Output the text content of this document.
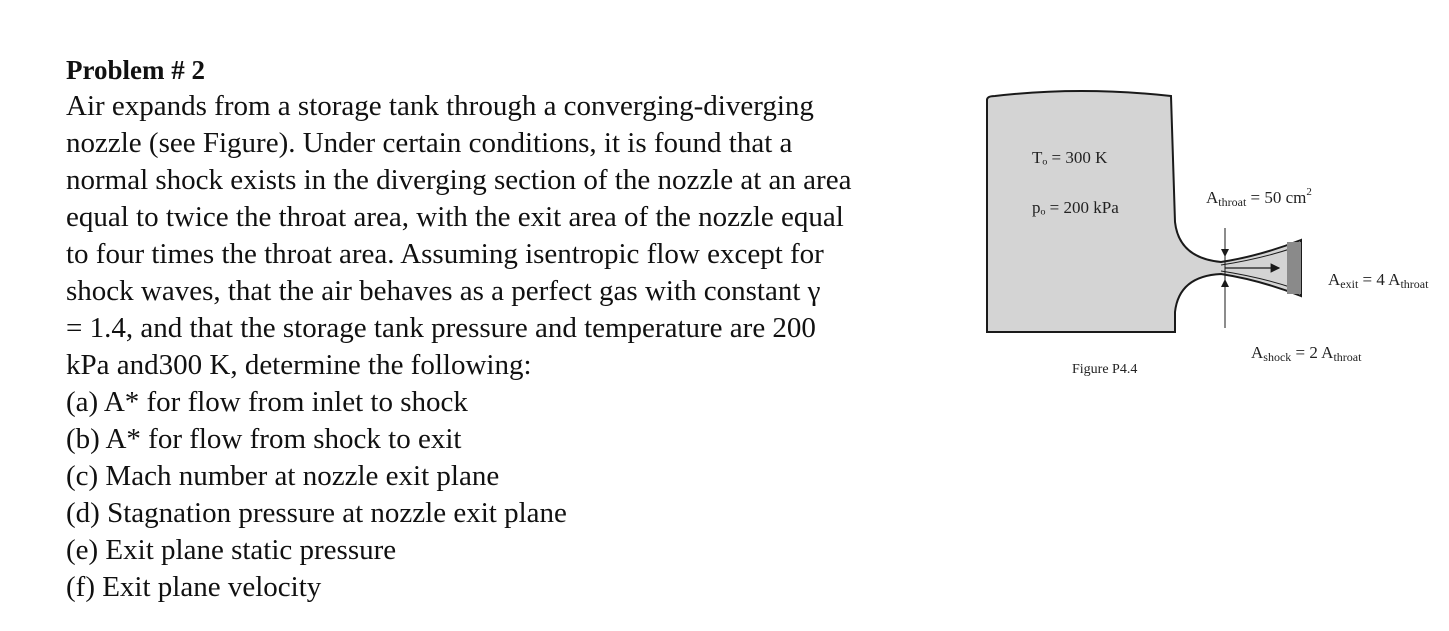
Problem # 2

Air expands from a storage tank through a converging-diverging
nozzle (see Figure). Under certain conditions, it is found that a
normal shock exists in the diverging section of the nozzle at an area
equal to twice the throat area, with the exit area of the nozzle equal
to four times the throat area. Assuming isentropic flow except for
shock waves, that the air behaves as a perfect gas with constant γ
= 1.4, and that the storage tank pressure and temperature are 200
kPa and300 K, determine the following:

(a) A* for flow from inlet to shock
(b) A* for flow from shock to exit
(c) Mach number at nozzle exit plane
(d) Stagnation pressure at nozzle exit plane
(e) Exit plane static pressure
(f) Exit plane velocity
Tₒ = 300 K
pₒ = 200 kPa
Athroat = 50 $cm^2$
Aexit = 4 Athroat
Ashock = 2 Athroat
Figure P4.4
